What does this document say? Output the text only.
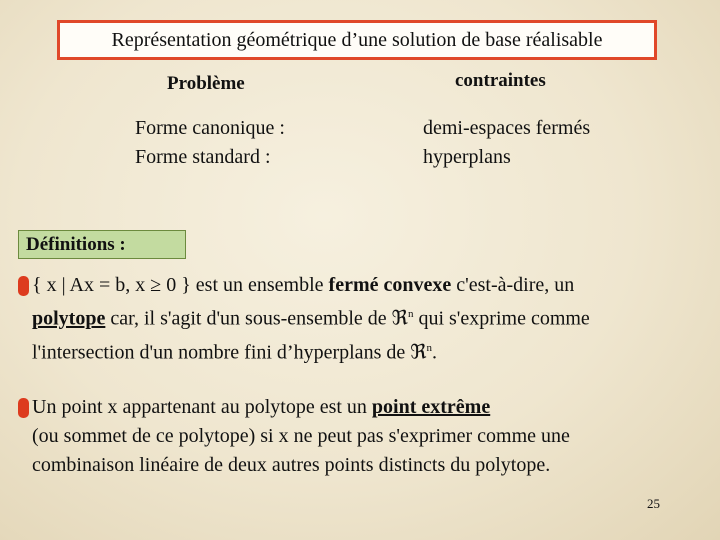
Représentation géométrique d’une solution de base réalisable
Problème	contraintes
Forme canonique :
Forme standard :
demi-espaces fermés
hyperplans
Définitions :
{ x | Ax = b, x ≥ 0 } est un ensemble fermé convexe c'est-à-dire, un
polytope car, il s'agit d'un sous-ensemble de ℜ$^n$ qui s'exprime comme
l'intersection d'un nombre fini d’hyperplans de ℜ$^n$.
Un point x appartenant au polytope est un point extrême
(ou sommet de ce polytope) si x ne peut pas s'exprimer comme une
combinaison linéaire de deux autres points distincts du polytope.
25
